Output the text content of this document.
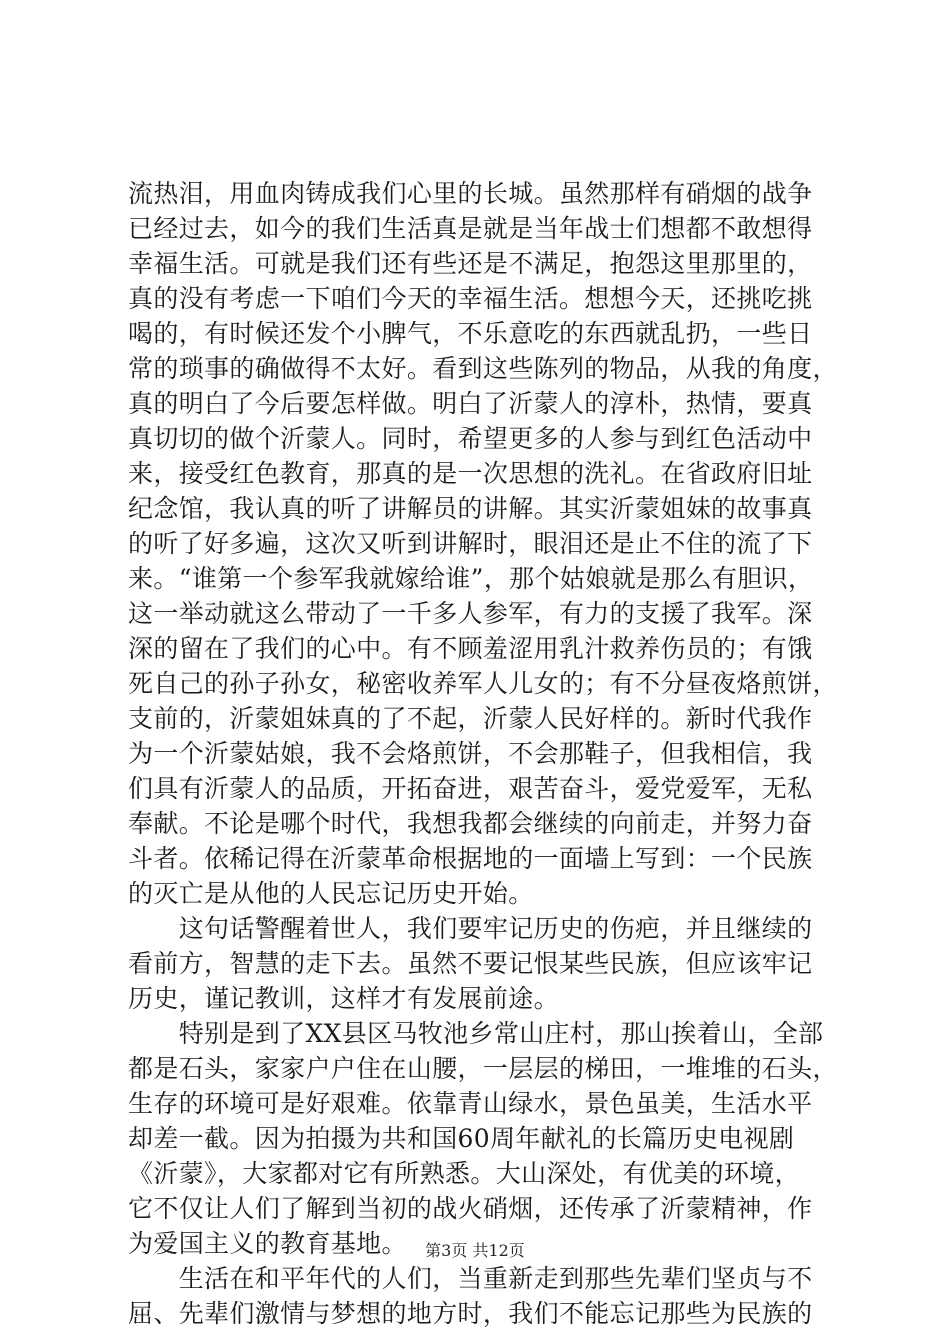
流热泪，用血肉铸成我们心里的长城。虽然那样有硝烟的战争
已经过去，如今的我们生活真是就是当年战士们想都不敢想得
幸福生活。可就是我们还有些还是不满足，抱怨这里那里的，
真的没有考虑一下咱们今天的幸福生活。想想今天，还挑吃挑
喝的，有时候还发个小脾气，不乐意吃的东西就乱扔，一些日
常的琐事的确做得不太好。看到这些陈列的物品，从我的角度，
真的明白了今后要怎样做。明白了沂蒙人的淳朴，热情，要真
真切切的做个沂蒙人。同时，希望更多的人参与到红色活动中
来，接受红色教育，那真的是一次思想的洗礼。在省政府旧址
纪念馆，我认真的听了讲解员的讲解。其实沂蒙姐妹的故事真
的听了好多遍，这次又听到讲解时，眼泪还是止不住的流了下
来。“谁第一个参军我就嫁给谁”，那个姑娘就是那么有胆识，
这一举动就这么带动了一千多人参军，有力的支援了我军。深
深的留在了我们的心中。有不顾羞涩用乳汁救养伤员的；有饿
死自己的孙子孙女，秘密收养军人儿女的；有不分昼夜烙煎饼，
支前的，沂蒙姐妹真的了不起，沂蒙人民好样的。新时代我作
为一个沂蒙姑娘，我不会烙煎饼，不会那鞋子，但我相信，我
们具有沂蒙人的品质，开拓奋进，艰苦奋斗，爱党爱军，无私
奉献。不论是哪个时代，我想我都会继续的向前走，并努力奋
斗者。依稀记得在沂蒙革命根据地的一面墙上写到：一个民族
的灭亡是从他的人民忘记历史开始。
　　这句话警醒着世人，我们要牢记历史的伤疤，并且继续的
看前方，智慧的走下去。虽然不要记恨某些民族，但应该牢记
历史，谨记教训，这样才有发展前途。
　　特别是到了XX县区马牧池乡常山庄村，那山挨着山，全部
都是石头，家家户户住在山腰，一层层的梯田，一堆堆的石头，
生存的环境可是好艰难。依靠青山绿水，景色虽美，生活水平
却差一截。因为拍摄为共和国60周年献礼的长篇历史电视剧
《沂蒙》，大家都对它有所熟悉。大山深处，有优美的环境，
它不仅让人们了解到当初的战火硝烟，还传承了沂蒙精神，作
为爱国主义的教育基地。
　　生活在和平年代的人们，当重新走到那些先辈们坚贞与不
屈、先辈们激情与梦想的地方时，我们不能忘记那些为民族的
第3页 共12页
